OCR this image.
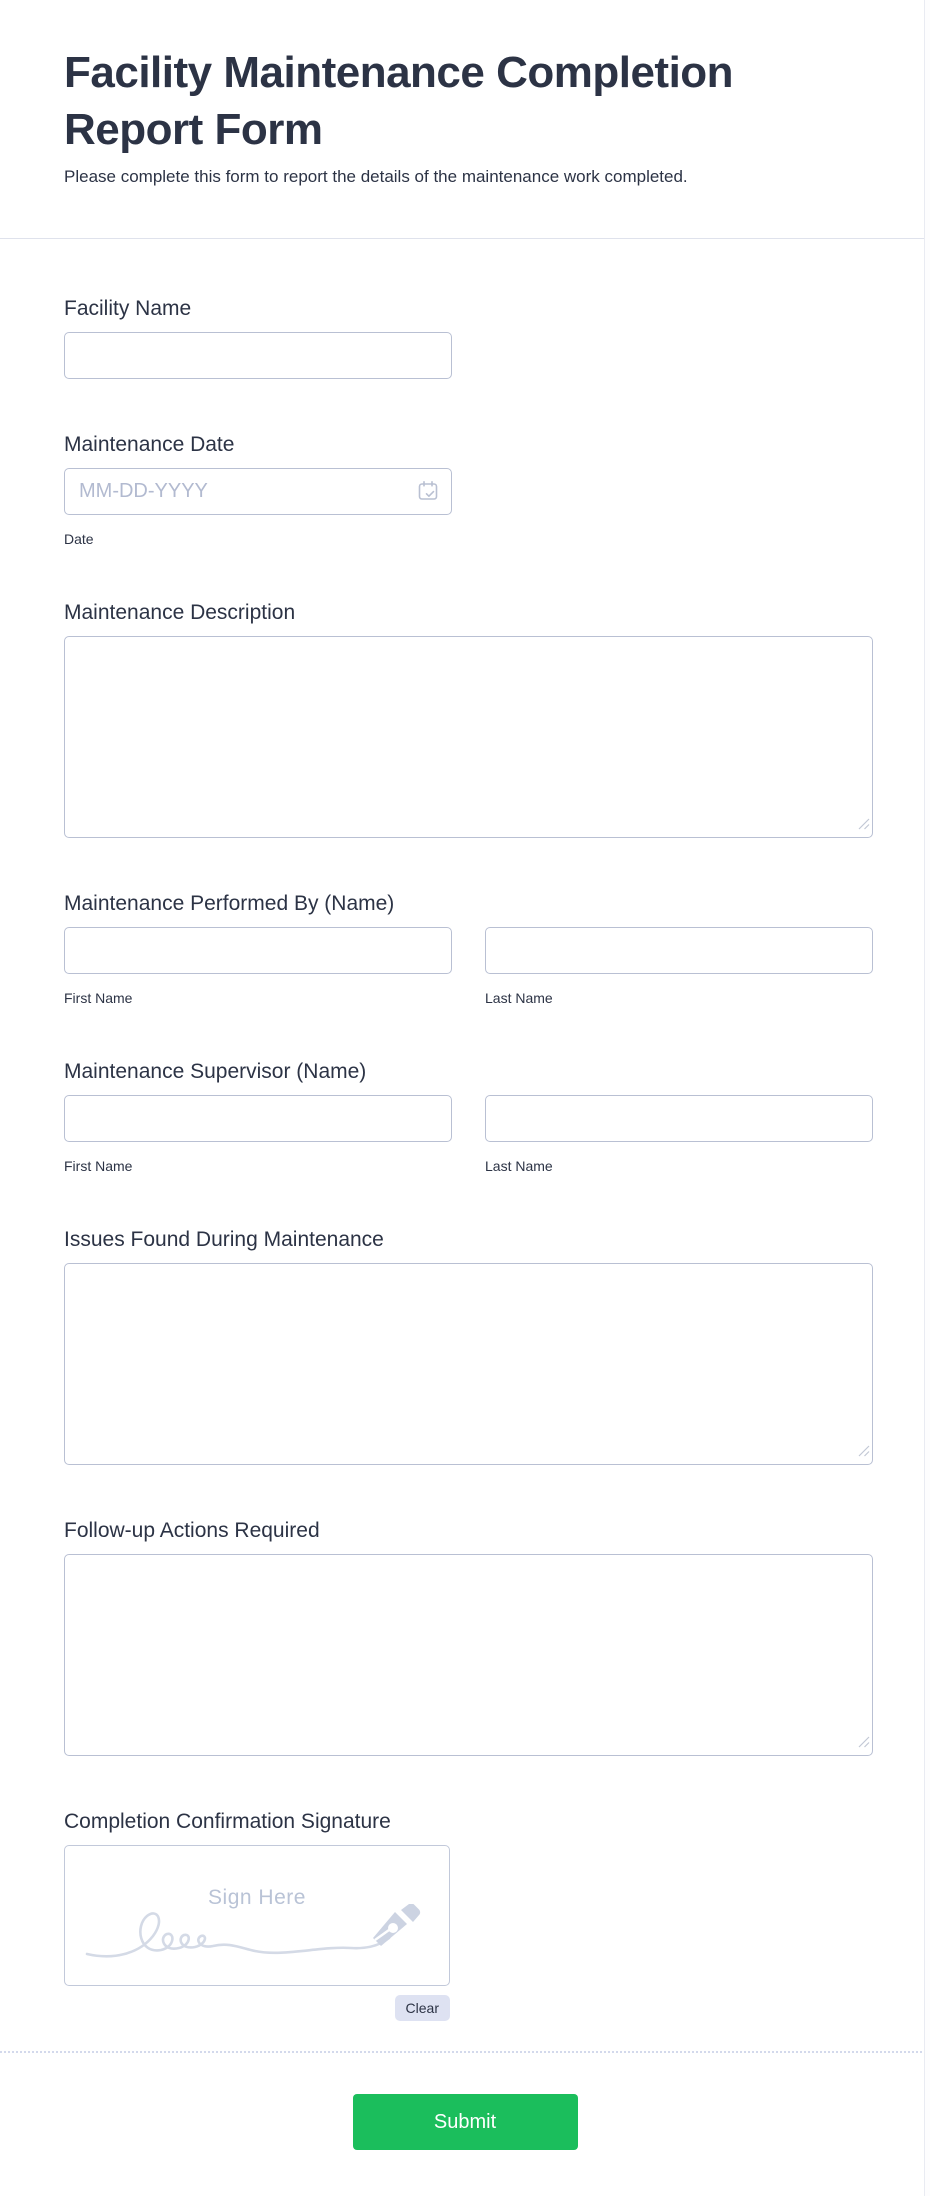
Facility Maintenance Completion Report Form

Please complete this form to report the details of the maintenance work completed.

Facility Name
Maintenance Date
MM-DD-YYYY
Date
Maintenance Description
Maintenance Performed By (Name)
First Name	Last Name
Maintenance Supervisor (Name)
First Name	Last Name
Issues Found During Maintenance
Follow-up Actions Required
Completion Confirmation Signature
Sign Here
Clear
Submit
